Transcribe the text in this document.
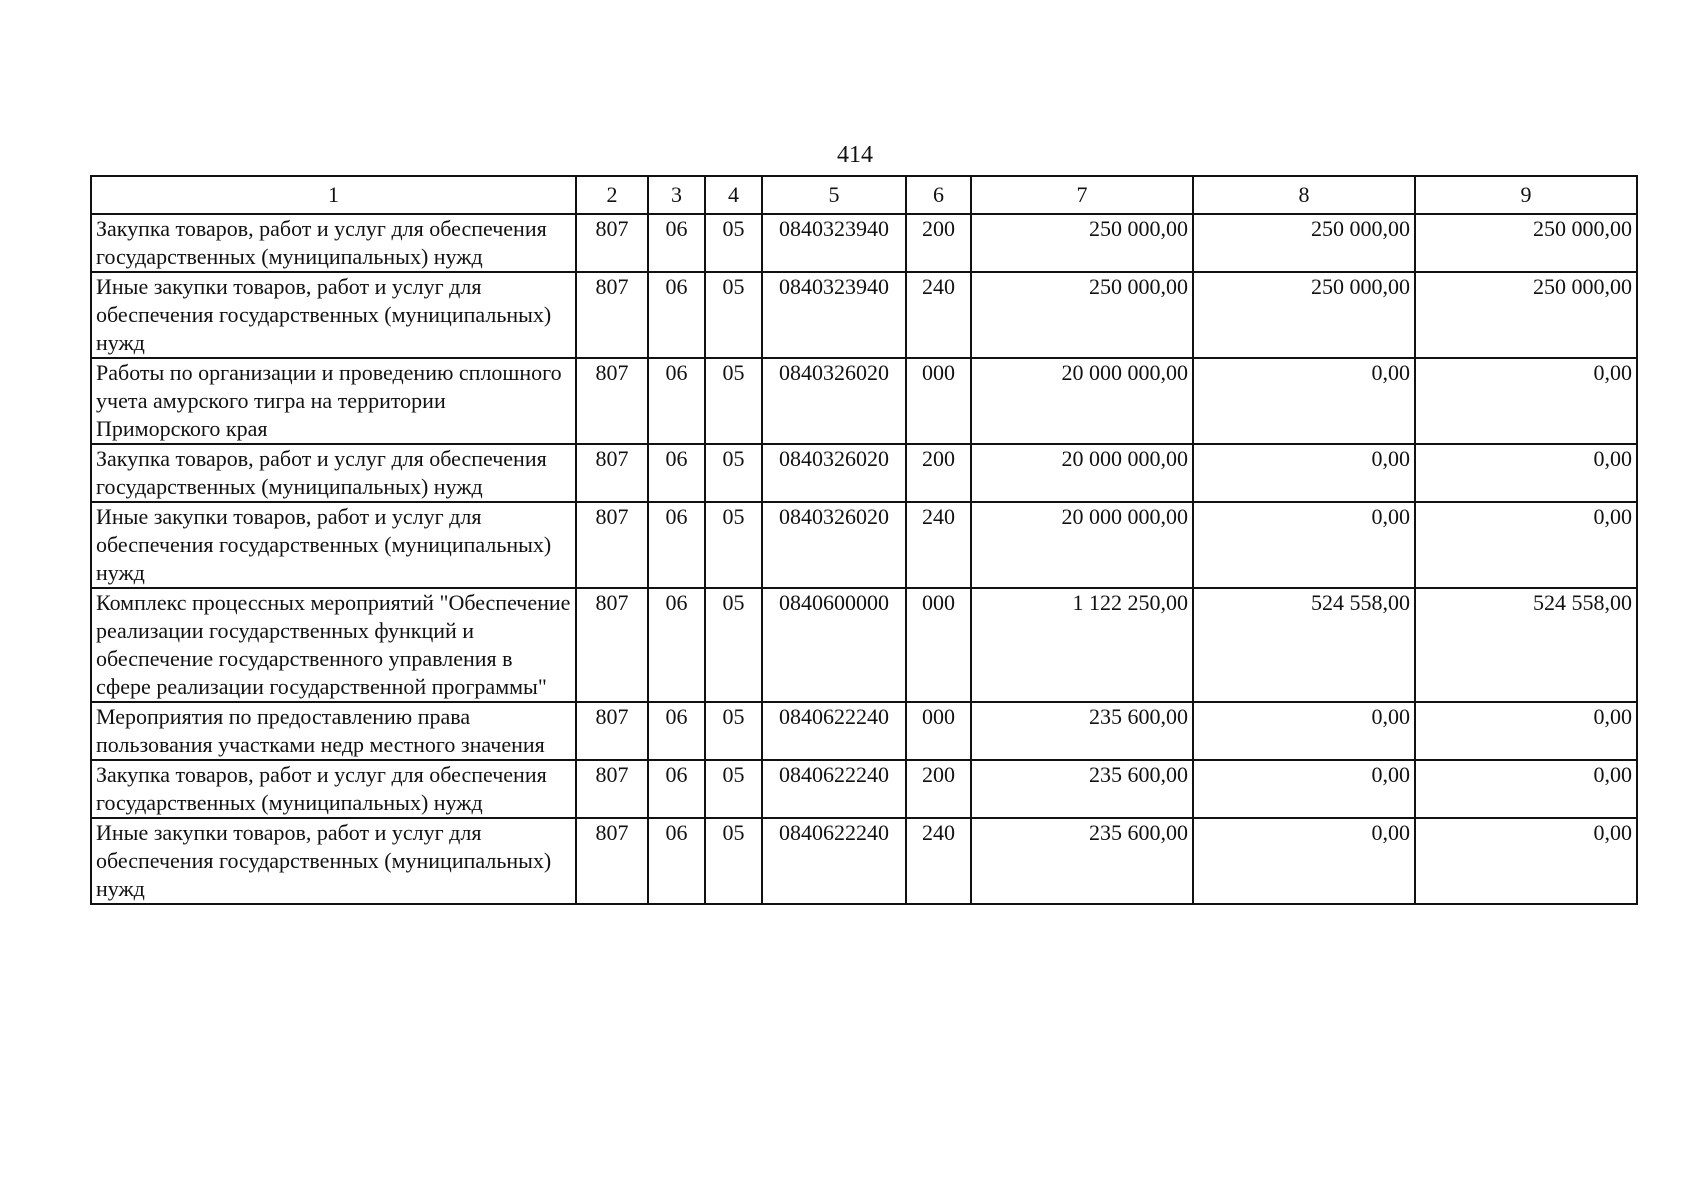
414
1	2	3	4	5	6	7	8	9
Закупка товаров, работ и услуг для обеспечения государственных (муниципальных) нужд	807	06	05	0840323940	200	250 000,00	250 000,00	250 000,00
Иные закупки товаров, работ и услуг для обеспечения государственных (муниципальных) нужд	807	06	05	0840323940	240	250 000,00	250 000,00	250 000,00
Работы по организации и проведению сплошного учета амурского тигра на территории Приморского края	807	06	05	0840326020	000	20 000 000,00	0,00	0,00
Закупка товаров, работ и услуг для обеспечения государственных (муниципальных) нужд	807	06	05	0840326020	200	20 000 000,00	0,00	0,00
Иные закупки товаров, работ и услуг для обеспечения государственных (муниципальных) нужд	807	06	05	0840326020	240	20 000 000,00	0,00	0,00
Комплекс процессных мероприятий "Обеспечение реализации государственных функций и обеспечение государственного управления в сфере реализации государственной программы"	807	06	05	0840600000	000	1 122 250,00	524 558,00	524 558,00
Мероприятия по предоставлению права пользования участками недр местного значения	807	06	05	0840622240	000	235 600,00	0,00	0,00
Закупка товаров, работ и услуг для обеспечения государственных (муниципальных) нужд	807	06	05	0840622240	200	235 600,00	0,00	0,00
Иные закупки товаров, работ и услуг для обеспечения государственных (муниципальных) нужд	807	06	05	0840622240	240	235 600,00	0,00	0,00
